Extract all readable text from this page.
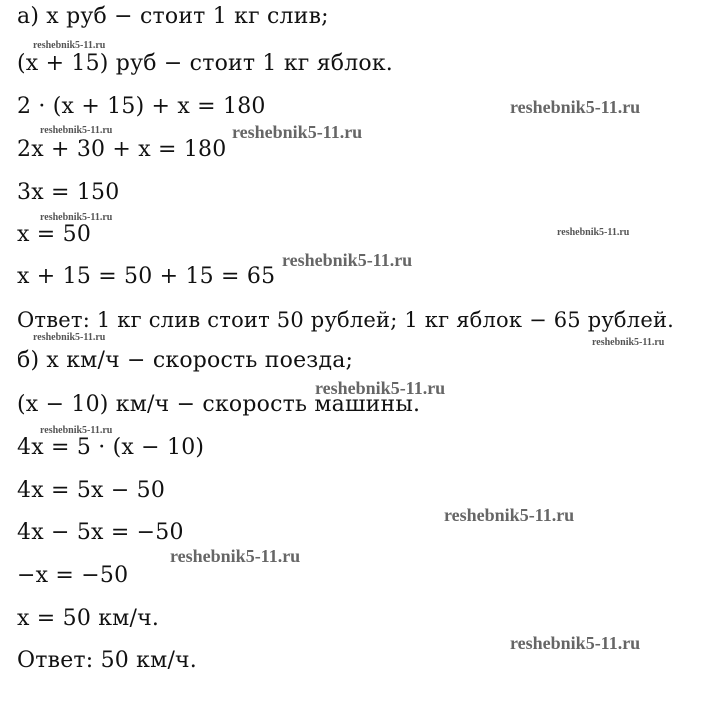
а) x руб − стоит 1 кг слив;
(x + 15) руб − стоит 1 кг яблок.
2 · (x + 15) + x = 180
2x + 30 + x = 180
3x = 150
x = 50
x + 15 = 50 + 15 = 65
Ответ: 1 кг слив стоит 50 рублей; 1 кг яблок − 65 рублей.
б) x км/ч − скорость поезда;
(x − 10) км/ч − скорость машины.
4x = 5 · (x − 10)
4x = 5x − 50
4x − 5x = −50
−x = −50
x = 50 км/ч.
Ответ: 50 км/ч.
reshebnik5-11.ru
reshebnik5-11.ru
reshebnik5-11.ru	reshebnik5-11.ru
reshebnik5-11.ru
reshebnik5-11.ru
reshebnik5-11.ru
reshebnik5-11.ru	reshebnik5-11.ru
reshebnik5-11.ru
reshebnik5-11.ru
reshebnik5-11.ru
reshebnik5-11.ru
reshebnik5-11.ru
